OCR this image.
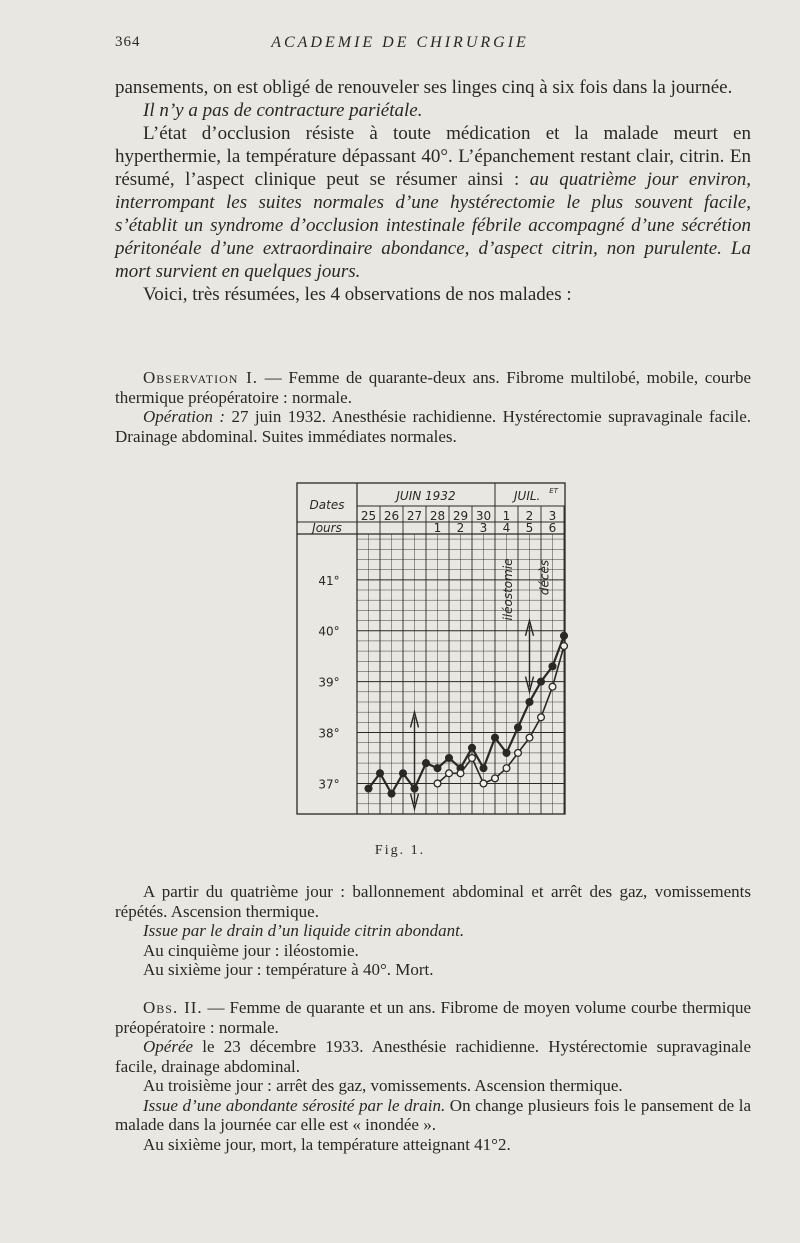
364	ACADEMIE DE CHIRURGIE

pansements, on est obligé de renouveler ses linges cinq à six fois dans la journée.

Il n’y a pas de contracture pariétale.

L’état d’occlusion résiste à toute médication et la malade meurt en hyperthermie, la température dépassant 40°. L’épanchement restant clair, citrin. En résumé, l’aspect clinique peut se résumer ainsi : au quatrième jour environ, interrompant les suites normales d’une hystérectomie le plus souvent facile, s’établit un syndrome d’occlusion intestinale fébrile accompagné d’une sécrétion péritonéale d’une extraordinaire abondance, d’aspect citrin, non purulente. La mort survient en quelques jours.

Voici, très résumées, les 4 observations de nos malades :

Observation I. — Femme de quarante-deux ans. Fibrome multilobé, mobile, courbe thermique préopératoire : normale.

Opération : 27 juin 1932. Anesthésie rachidienne. Hystérectomie supravaginale facile. Drainage abdominal. Suites immédiates normales.

Dates
Jours
JUIN 1932	JUIL. ET
25 26 27 28 29 30 1 2 3
1 2 3 4 5 6
41°
40°
39°
38°
37°
iléostomie décès
Fig. 1.

A partir du quatrième jour : ballonnement abdominal et arrêt des gaz, vomissements répétés. Ascension thermique.

Issue par le drain d’un liquide citrin abondant.

Au cinquième jour : iléostomie.

Au sixième jour : température à 40°. Mort.

Obs. II. — Femme de quarante et un ans. Fibrome de moyen volume courbe thermique préopératoire : normale.

Opérée le 23 décembre 1933. Anesthésie rachidienne. Hystérectomie supravaginale facile, drainage abdominal.

Au troisième jour : arrêt des gaz, vomissements. Ascension thermique.

Issue d’une abondante sérosité par le drain. On change plusieurs fois le pansement de la malade dans la journée car elle est « inondée ».

Au sixième jour, mort, la température atteignant 41°2.
